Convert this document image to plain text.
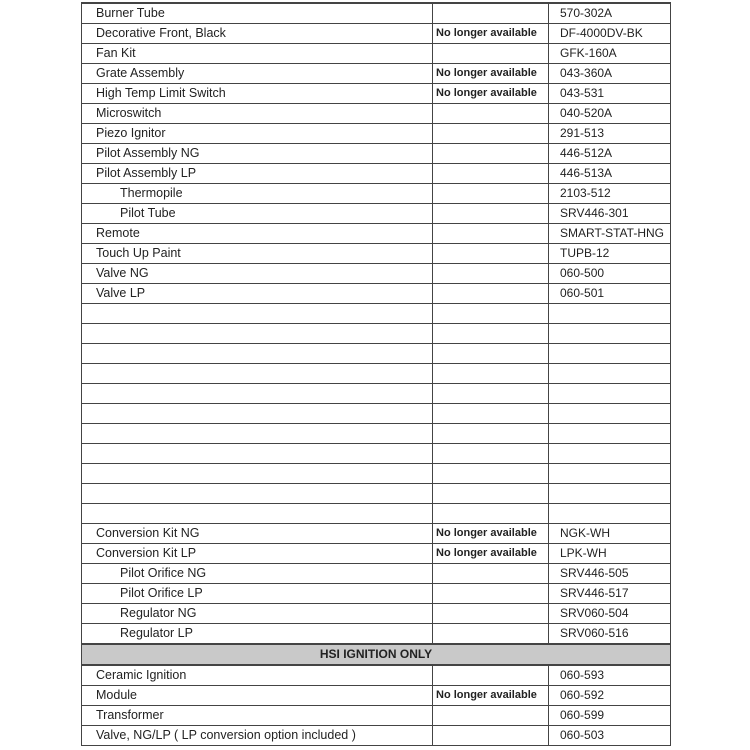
Burner Tube		570-302A
Decorative Front, Black	No longer available	DF-4000DV-BK
Fan Kit		GFK-160A
Grate Assembly	No longer available	043-360A
High Temp Limit Switch	No longer available	043-531
Microswitch		040-520A
Piezo Ignitor		291-513
Pilot Assembly NG		446-512A
Pilot Assembly LP		446-513A
Thermopile		2103-512
Pilot Tube		SRV446-301
Remote		SMART-STAT-HNG
Touch Up Paint		TUPB-12
Valve NG		060-500
Valve LP		060-501

Conversion Kit NG	No longer available	NGK-WH
Conversion Kit LP	No longer available	LPK-WH
Pilot Orifice NG		SRV446-505
Pilot Orifice LP		SRV446-517
Regulator NG		SRV060-504
Regulator LP		SRV060-516
HSI IGNITION ONLY		
Ceramic Ignition		060-593
Module	No longer available	060-592
Transformer		060-599
Valve, NG/LP ( LP conversion option included )		060-503
